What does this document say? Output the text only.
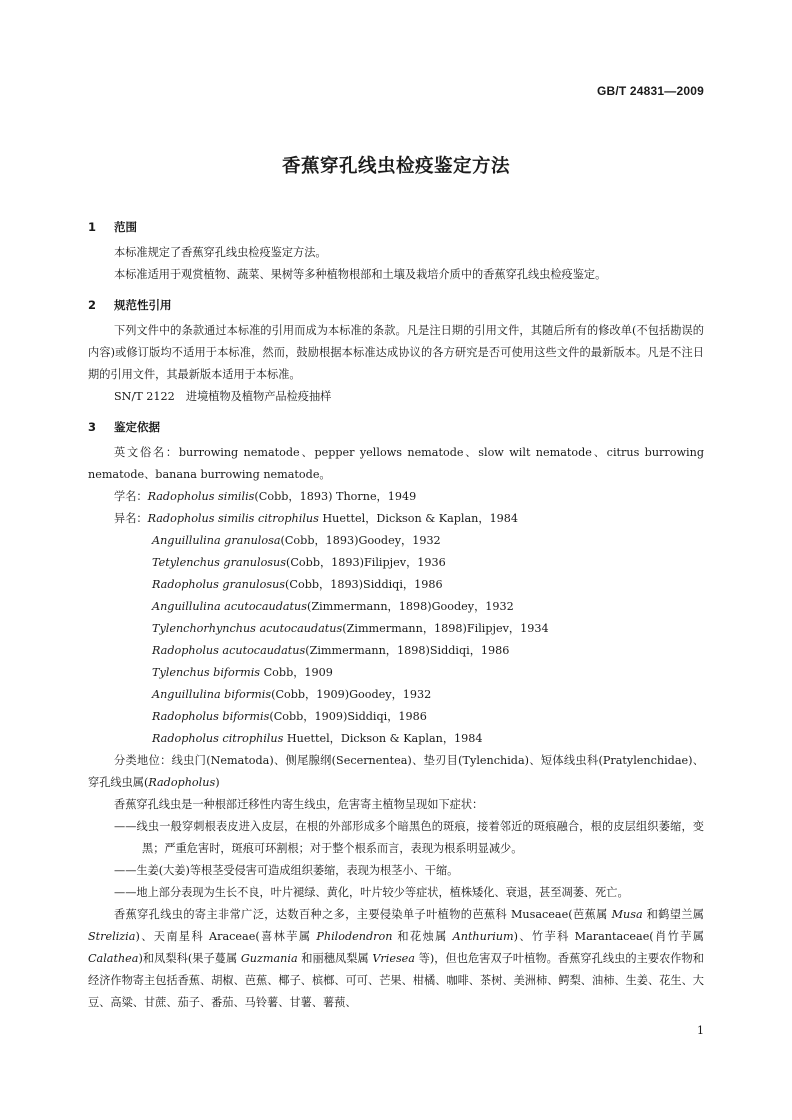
GB/T 24831—2009
香蕉穿孔线虫检疫鉴定方法
1 范围

本标准规定了香蕉穿孔线虫检疫鉴定方法。

本标准适用于观赏植物、蔬菜、果树等多种植物根部和土壤及栽培介质中的香蕉穿孔线虫检疫鉴定。

2 规范性引用

下列文件中的条款通过本标准的引用而成为本标准的条款。凡是注日期的引用文件，其随后所有的修改单(不包括勘误的内容)或修订版均不适用于本标准，然而，鼓励根据本标准达成协议的各方研究是否可使用这些文件的最新版本。凡是不注日期的引用文件，其最新版本适用于本标准。

SN/T 2122　进境植物及植物产品检疫抽样

3 鉴定依据

英文俗名：burrowing nematode、pepper yellows nematode、slow wilt nematode、citrus burrowing nematode、banana burrowing nematode。

学名：Radopholus similis(Cobb，1893) Thorne，1949

异名：Radopholus similis citrophilus Huettel，Dickson & Kaplan，1984

Anguillulina granulosa(Cobb，1893)Goodey，1932

Tetylenchus granulosus(Cobb，1893)Filipjev，1936

Radopholus granulosus(Cobb，1893)Siddiqi，1986

Anguillulina acutocaudatus(Zimmermann，1898)Goodey，1932

Tylenchorhynchus acutocaudatus(Zimmermann，1898)Filipjev，1934

Radopholus acutocaudatus(Zimmermann，1898)Siddiqi，1986

Tylenchus biformis Cobb，1909

Anguillulina biformis(Cobb，1909)Goodey，1932

Radopholus biformis(Cobb，1909)Siddiqi，1986

Radopholus citrophilus Huettel，Dickson & Kaplan，1984

分类地位：线虫门(Nematoda)、侧尾腺纲(Secernentea)、垫刃目(Tylenchida)、短体线虫科(Pratylenchidae)、穿孔线虫属(Radopholus)

香蕉穿孔线虫是一种根部迁移性内寄生线虫，危害寄主植物呈现如下症状：

——线虫一般穿刺根表皮进入皮层，在根的外部形成多个暗黑色的斑痕，接着邻近的斑痕融合，根的皮层组织萎缩，变黑；严重危害时，斑痕可环割根；对于整个根系而言，表现为根系明显减少。

——生姜(大姜)等根茎受侵害可造成组织萎缩，表现为根茎小、干缩。

——地上部分表现为生长不良，叶片褪绿、黄化，叶片较少等症状，植株矮化、衰退，甚至凋萎、死亡。

香蕉穿孔线虫的寄主非常广泛，达数百种之多，主要侵染单子叶植物的芭蕉科 Musaceae(芭蕉属 Musa 和鹤望兰属 Strelizia)、天南星科 Araceae(喜林芋属 Philodendron 和花烛属 Anthurium)、竹芋科 Marantaceae(肖竹芋属 Calathea)和凤梨科(果子蔓属 Guzmania 和丽穗凤梨属 Vriesea 等)，但也危害双子叶植物。香蕉穿孔线虫的主要农作物和经济作物寄主包括香蕉、胡椒、芭蕉、椰子、槟榔、可可、芒果、柑橘、咖啡、茶树、美洲柿、鳄梨、油柿、生姜、花生、大豆、高粱、甘蔗、茄子、番茄、马铃薯、甘薯、薯蓣、

1
